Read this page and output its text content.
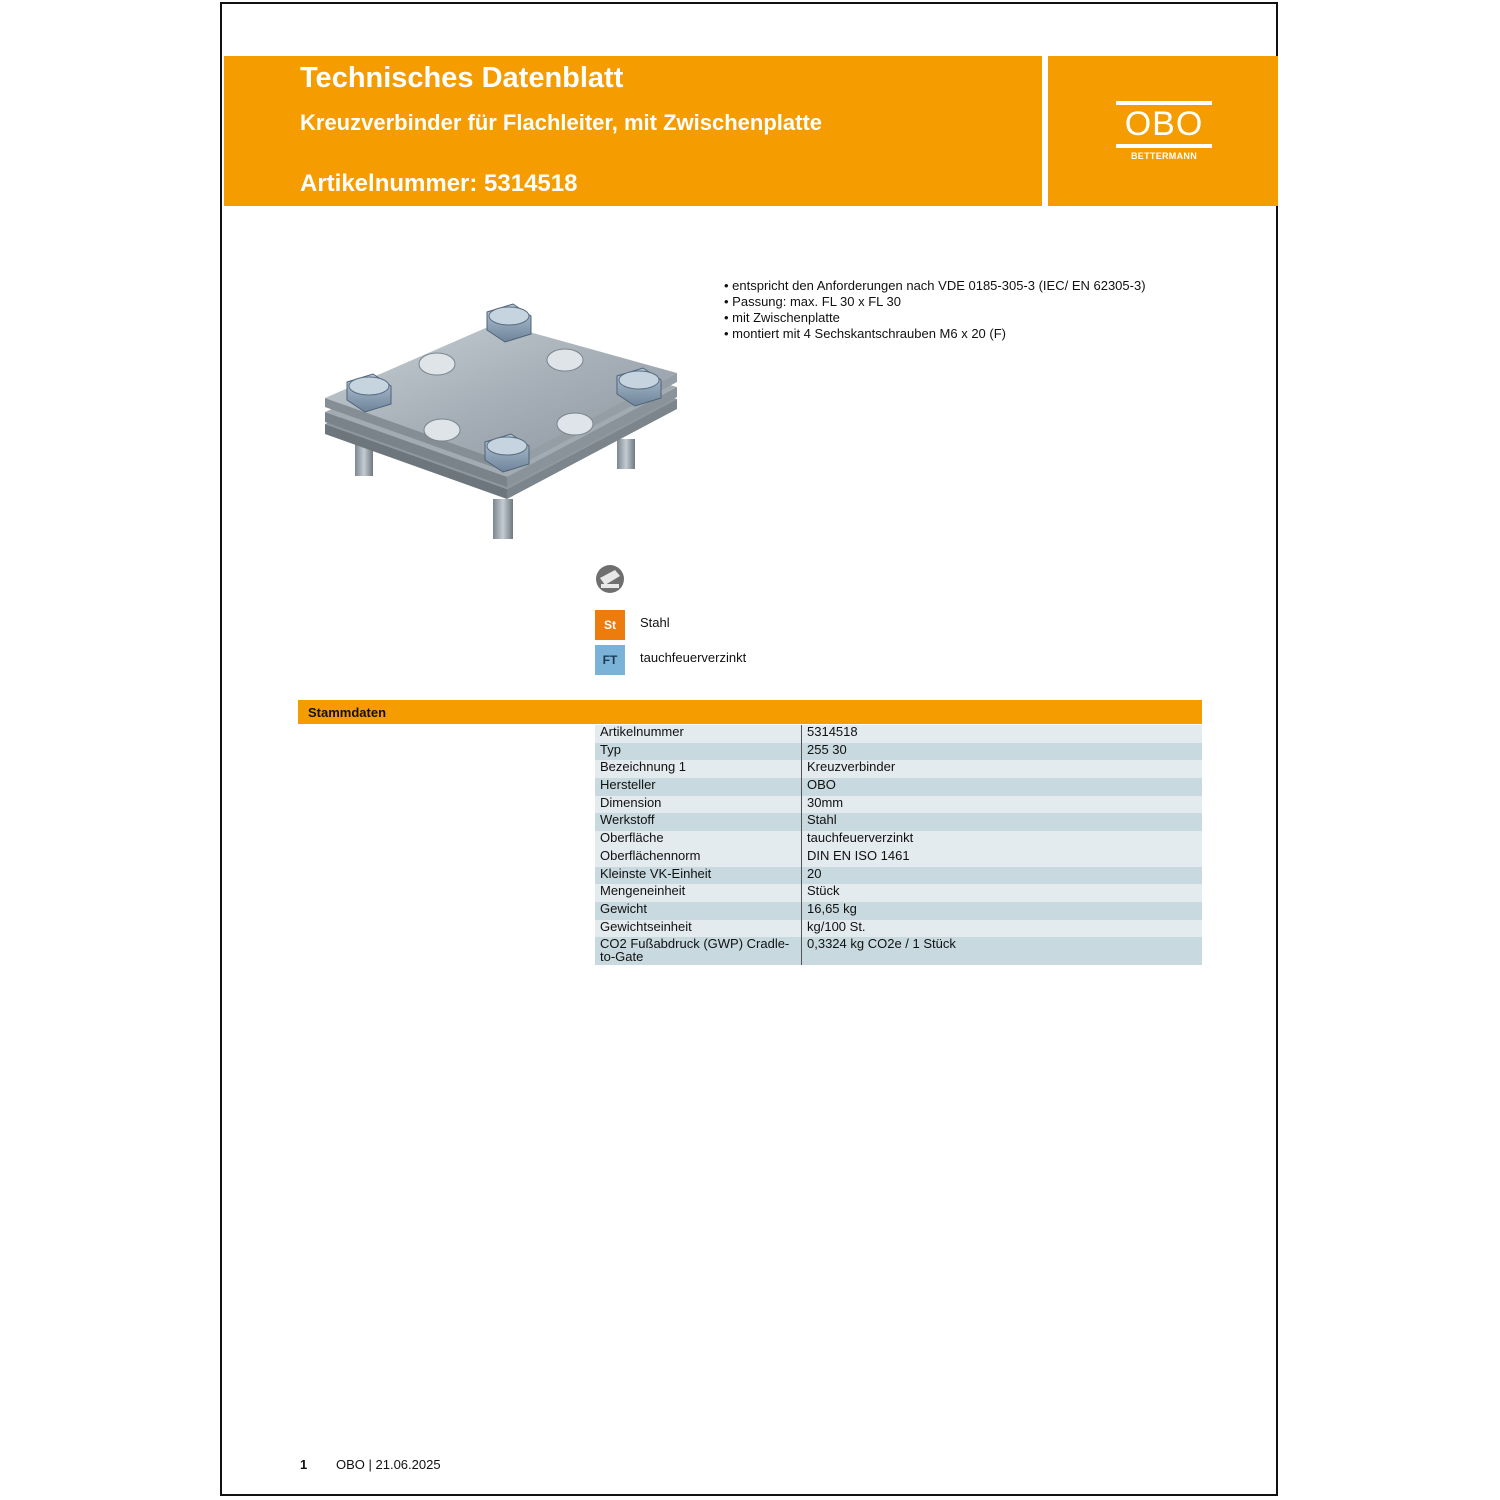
Technisches Datenblatt
Kreuzverbinder für Flachleiter, mit Zwischenplatte
Artikelnummer: 5314518
OBO
BETTERMANN
• entspricht den Anforderungen nach VDE 0185-305-3 (IEC/ EN 62305-3)
• Passung: max. FL 30 x FL 30
• mit Zwischenplatte
• montiert mit 4 Sechskantschrauben M6 x 20 (F)
St	Stahl
FT	tauchfeuerverzinkt
Stammdaten
Artikelnummer	5314518
Typ	255 30
Bezeichnung 1	Kreuzverbinder
Hersteller	OBO
Dimension	30mm
Werkstoff	Stahl
Oberfläche	tauchfeuerverzinkt
Oberflächennorm	DIN EN ISO 1461
Kleinste VK-Einheit	20
Mengeneinheit	Stück
Gewicht	16,65 kg
Gewichtseinheit	kg/100 St.
CO2 Fußabdruck (GWP) Cradle-to-Gate	0,3324 kg CO2e / 1 Stück
1 OBO | 21.06.2025
